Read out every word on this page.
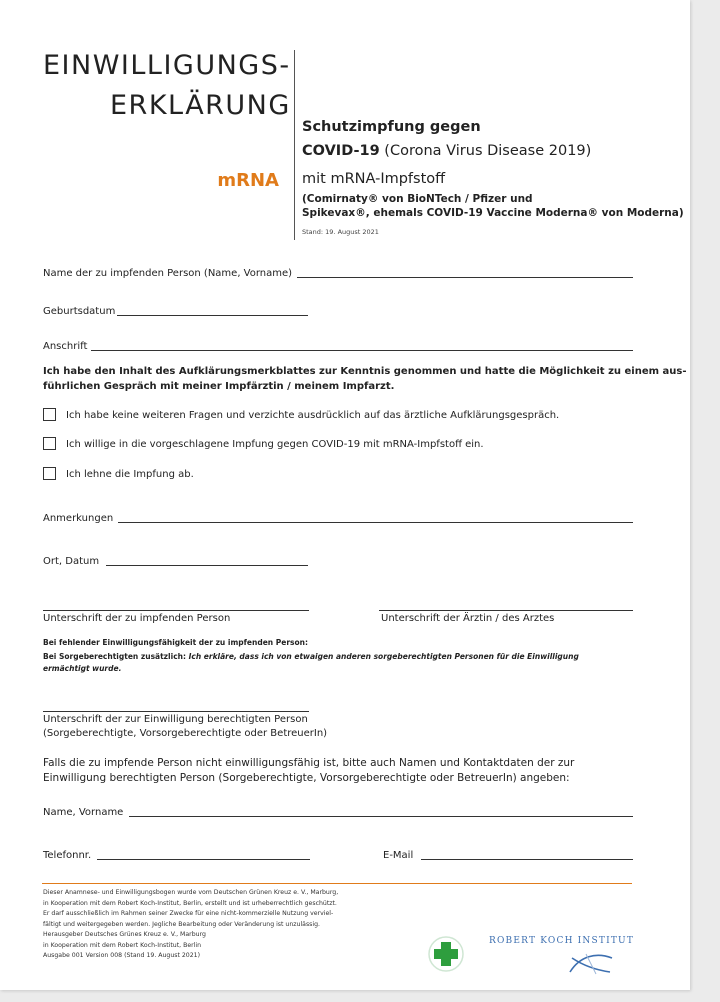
EINWILLIGUNGS-
ERKLÄRUNG
mRNA
Schutzimpfung gegen
COVID-19 (Corona Virus Disease 2019)
mit mRNA-Impfstoff
(Comirnaty® von BioNTech / Pfizer und
Spikevax®, ehemals COVID-19 Vaccine Moderna® von Moderna)
Stand: 19. August 2021
Name der zu impfenden Person (Name, Vorname)
Geburtsdatum
Anschrift
Ich habe den Inhalt des Aufklärungsmerkblattes zur Kenntnis genommen und hatte die Möglichkeit zu einem aus-
führlichen Gespräch mit meiner Impfärztin / meinem Impfarzt.
Ich habe keine weiteren Fragen und verzichte ausdrücklich auf das ärztliche Aufklärungsgespräch.
Ich willige in die vorgeschlagene Impfung gegen COVID-19 mit mRNA-Impfstoff ein.
Ich lehne die Impfung ab.
Anmerkungen
Ort, Datum
Unterschrift der zu impfenden Person	Unterschrift der Ärztin / des Arztes
Bei fehlender Einwilligungsfähigkeit der zu impfenden Person:
Bei Sorgeberechtigten zusätzlich: Ich erkläre, dass ich von etwaigen anderen sorgeberechtigten Personen für die Einwilligung
ermächtigt wurde.
Unterschrift der zur Einwilligung berechtigten Person
(Sorgeberechtigte, Vorsorgeberechtigte oder BetreuerIn)
Falls die zu impfende Person nicht einwilligungsfähig ist, bitte auch Namen und Kontaktdaten der zur
Einwilligung berechtigten Person (Sorgeberechtigte, Vorsorgeberechtigte oder BetreuerIn) angeben:
Name, Vorname
Telefonnr.	E-Mail
Dieser Anamnese- und Einwilligungsbogen wurde vom Deutschen Grünen Kreuz e. V., Marburg,
in Kooperation mit dem Robert Koch-Institut, Berlin, erstellt und ist urheberrechtlich geschützt.
Er darf ausschließlich im Rahmen seiner Zwecke für eine nicht-kommerzielle Nutzung verviel-
fältigt und weitergegeben werden. Jegliche Bearbeitung oder Veränderung ist unzulässig.
Herausgeber Deutsches Grünes Kreuz e. V., Marburg
in Kooperation mit dem Robert Koch-Institut, Berlin
Ausgabe 001 Version 008 (Stand 19. August 2021)
ROBERT KOCH INSTITUT
